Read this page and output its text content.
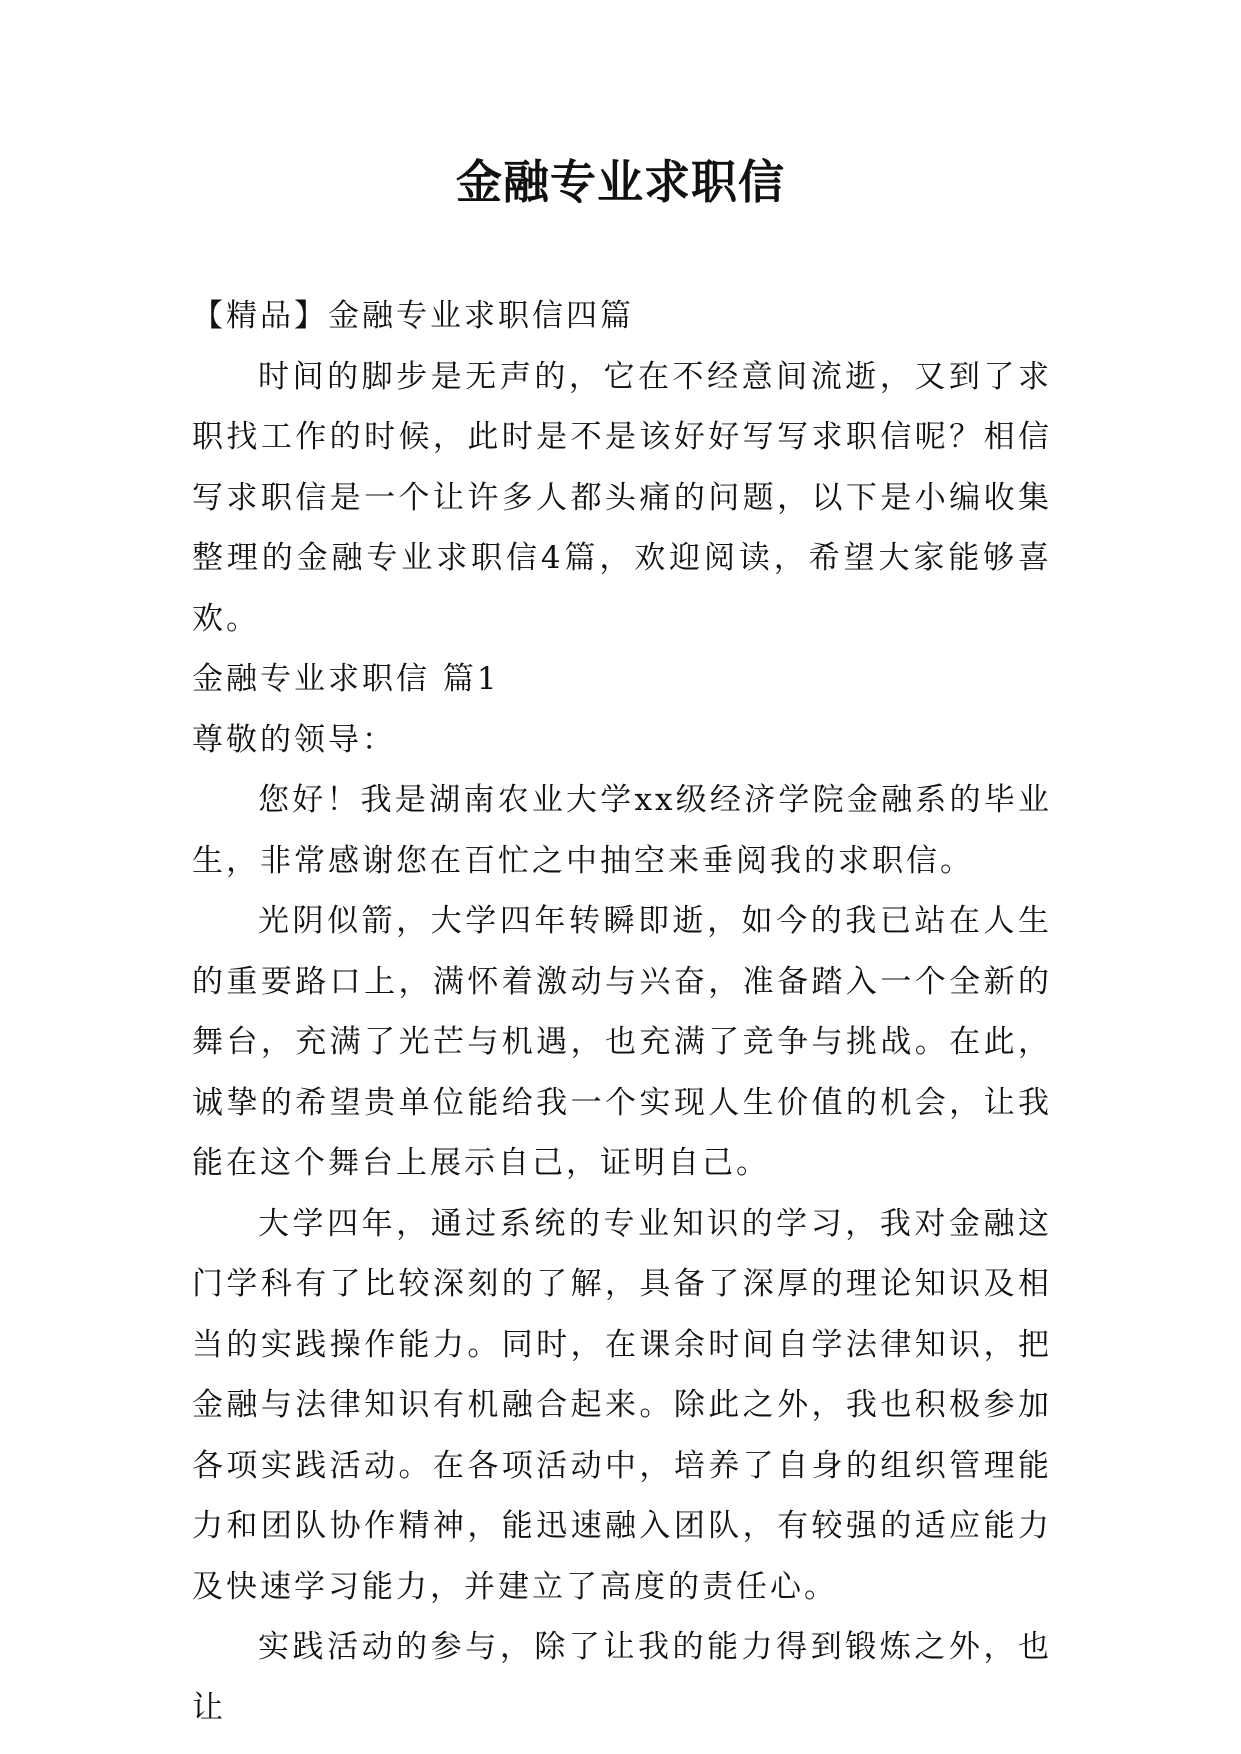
金融专业求职信

【精品】金融专业求职信四篇

时间的脚步是无声的，它在不经意间流逝，又到了求职找工作的时候，此时是不是该好好写写求职信呢？相信写求职信是一个让许多人都头痛的问题，以下是小编收集整理的金融专业求职信4篇，欢迎阅读，希望大家能够喜欢。

金融专业求职信 篇1

尊敬的领导：

您好！我是湖南农业大学xx级经济学院金融系的毕业生，非常感谢您在百忙之中抽空来垂阅我的求职信。

光阴似箭，大学四年转瞬即逝，如今的我已站在人生的重要路口上，满怀着激动与兴奋，准备踏入一个全新的舞台，充满了光芒与机遇，也充满了竞争与挑战。在此，诚挚的希望贵单位能给我一个实现人生价值的机会，让我能在这个舞台上展示自己，证明自己。

大学四年，通过系统的专业知识的学习，我对金融这门学科有了比较深刻的了解，具备了深厚的理论知识及相当的实践操作能力。同时，在课余时间自学法律知识，把金融与法律知识有机融合起来。除此之外，我也积极参加各项实践活动。在各项活动中，培养了自身的组织管理能力和团队协作精神，能迅速融入团队，有较强的适应能力及快速学习能力，并建立了高度的责任心。

实践活动的参与，除了让我的能力得到锻炼之外，也让
